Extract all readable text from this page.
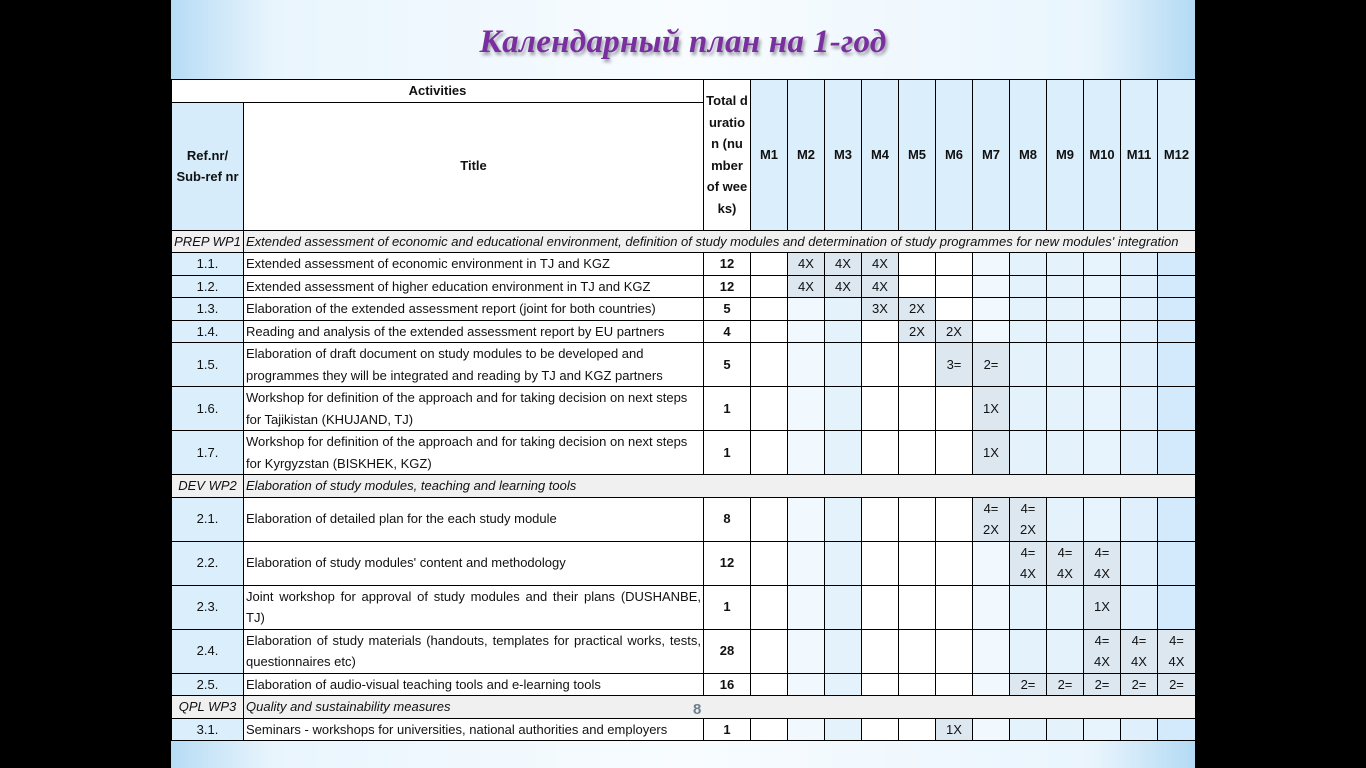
Календарный план на 1-год
Activities		Total duration (number of weeks)	M1	M2	M3	M4	M5	M6	M7	M8	M9	M10	M11	M12
Ref.nr/ Sub-ref nr	Title													
PREP WP1	Extended assessment of economic and educational environment, definition of study modules and determination of study programmes for new modules' integration													
1.1.	Extended assessment of economic environment in TJ and KGZ	12		4X	4X	4X								
1.2.	Extended assessment of higher education environment in TJ and KGZ	12		4X	4X	4X								
1.3.	Elaboration of the extended assessment report (joint for both countries)	5				3X	2X							
1.4.	Reading and analysis of the extended assessment report by EU partners	4					2X	2X						
1.5.	Elaboration of draft document on study modules to be developed and programmes they will be integrated and reading by TJ and KGZ partners	5						3=	2=					
1.6.	Workshop for definition of the approach and for taking decision on next steps for Tajikistan (KHUJAND, TJ)	1							1X					
1.7.	Workshop for definition of the approach and for taking decision on next steps for Kyrgyzstan (BISKHEK, KGZ)	1							1X					
DEV WP2	Elaboration of study modules, teaching and learning tools													
2.1.	Elaboration of detailed plan for the each study module	8							4= 2X	4= 2X				
2.2.	Elaboration of study modules' content and methodology	12								4= 4X	4= 4X	4= 4X		
2.3.	Joint workshop for approval of study modules and their plans (DUSHANBE, TJ)	1										1X		
2.4.	Elaboration of study materials (handouts, templates for practical works, tests, questionnaires etc)	28										4= 4X	4= 4X	4= 4X
2.5.	Elaboration of audio-visual teaching tools and e-learning tools	16								2=	2=	2=	2=	2=
QPL WP3	Quality and sustainability measures													
3.1.	Seminars - workshops for universities, national authorities and employers	1						1X						
8
